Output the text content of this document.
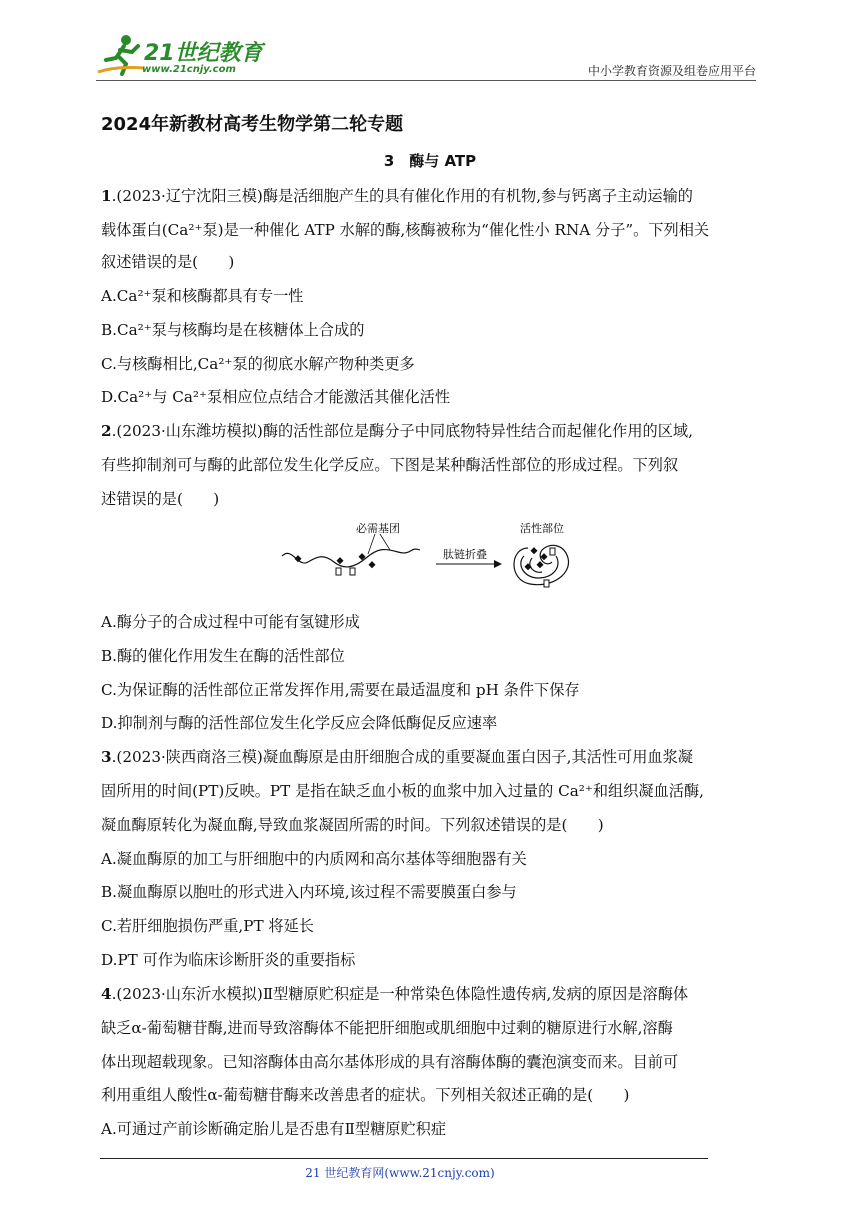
21世纪教育
www.21cnjy.com	中小学教育资源及组卷应用平台
2024年新教材高考生物学第二轮专题
3　酶与 ATP
1.(2023·辽宁沈阳三模)酶是活细胞产生的具有催化作用的有机物,参与钙离子主动运输的
载体蛋白(Ca²⁺泵)是一种催化 ATP 水解的酶,核酶被称为“催化性小 RNA 分子”。下列相关
叙述错误的是(　　)
A.Ca²⁺泵和核酶都具有专一性
B.Ca²⁺泵与核酶均是在核糖体上合成的
C.与核酶相比,Ca²⁺泵的彻底水解产物种类更多
D.Ca²⁺与 Ca²⁺泵相应位点结合才能激活其催化活性
2.(2023·山东潍坊模拟)酶的活性部位是酶分子中同底物特异性结合而起催化作用的区域,
有些抑制剂可与酶的此部位发生化学反应。下图是某种酶活性部位的形成过程。下列叙
述错误的是(　　)
必需基团
肽链折叠
活性部位
A.酶分子的合成过程中可能有氢键形成
B.酶的催化作用发生在酶的活性部位
C.为保证酶的活性部位正常发挥作用,需要在最适温度和 pH 条件下保存
D.抑制剂与酶的活性部位发生化学反应会降低酶促反应速率
3.(2023·陕西商洛三模)凝血酶原是由肝细胞合成的重要凝血蛋白因子,其活性可用血浆凝
固所用的时间(PT)反映。PT 是指在缺乏血小板的血浆中加入过量的 Ca²⁺和组织凝血活酶,
凝血酶原转化为凝血酶,导致血浆凝固所需的时间。下列叙述错误的是(　　)
A.凝血酶原的加工与肝细胞中的内质网和高尔基体等细胞器有关
B.凝血酶原以胞吐的形式进入内环境,该过程不需要膜蛋白参与
C.若肝细胞损伤严重,PT 将延长
D.PT 可作为临床诊断肝炎的重要指标
4.(2023·山东沂水模拟)Ⅱ型糖原贮积症是一种常染色体隐性遗传病,发病的原因是溶酶体
缺乏α-葡萄糖苷酶,进而导致溶酶体不能把肝细胞或肌细胞中过剩的糖原进行水解,溶酶
体出现超载现象。已知溶酶体由高尔基体形成的具有溶酶体酶的囊泡演变而来。目前可
利用重组人酸性α-葡萄糖苷酶来改善患者的症状。下列相关叙述正确的是(　　)
A.可通过产前诊断确定胎儿是否患有Ⅱ型糖原贮积症
21 世纪教育网(www.21cnjy.com)
